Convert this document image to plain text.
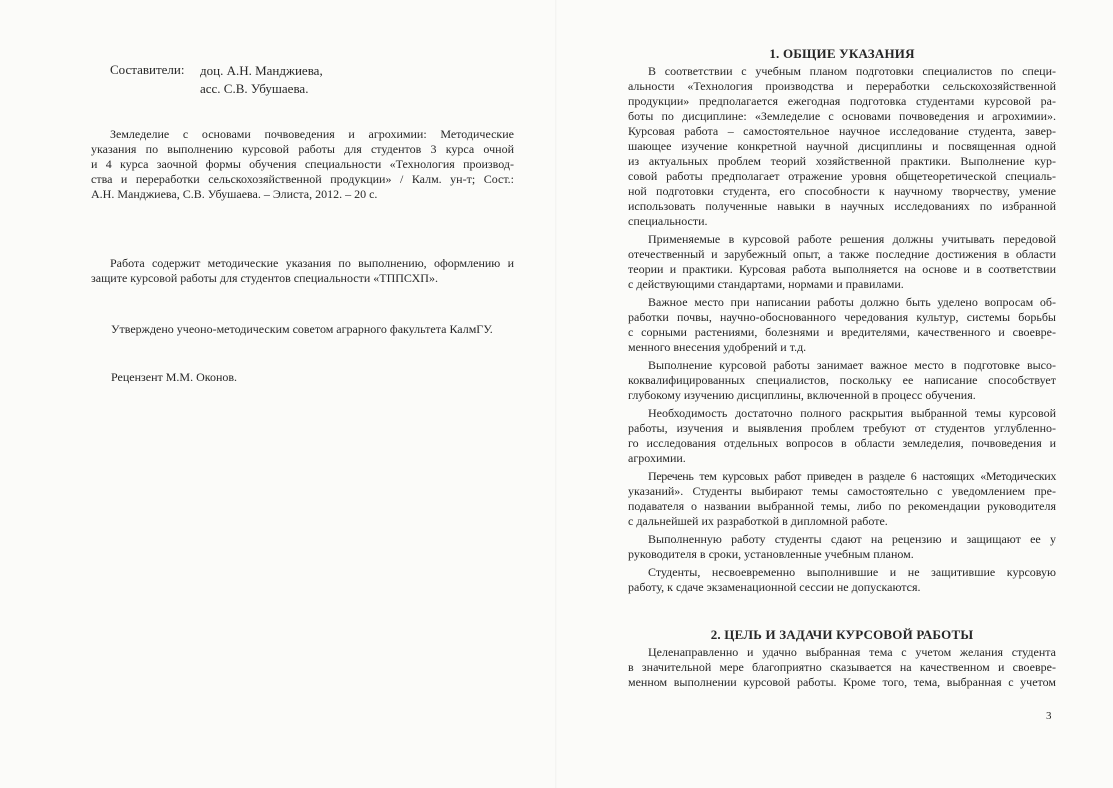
Составители: доц. А.Н. Манджиева,
асс. С.В. Убушаева.
Земледелие с основами почвоведения и агрохимии: Методические
указания по выполнению курсовой работы для студентов 3 курса очной
и 4 курса заочной формы обучения специальности «Технология производ-
ства и переработки сельскохозяйственной продукции» / Калм. ун-т; Сост.:
А.Н. Манджиева, С.В. Убушаева. – Элиста, 2012. – 20 с.
Работа содержит методические указания по выполнению, оформлению и
защите курсовой работы для студентов специальности «ТППСХП».
Утверждено учеоно-методическим советом аграрного факультета КалмГУ.
Рецензент М.М. Оконов.
1. ОБЩИЕ УКАЗАНИЯ
В соответствии с учебным планом подготовки специалистов по специ-
альности «Технология производства и переработки сельскохозяйственной
продукции» предполагается ежегодная подготовка студентами курсовой ра-
боты по дисциплине: «Земледелие с основами почвоведения и агрохимии».
Курсовая работа – самостоятельное научное исследование студента, завер-
шающее изучение конкретной научной дисциплины и посвященная одной
из актуальных проблем теорий хозяйственной практики. Выполнение кур-
совой работы предполагает отражение уровня общетеоретической специаль-
ной подготовки студента, его способности к научному творчеству, умение
использовать полученные навыки в научных исследованиях по избранной
специальности.
Применяемые в курсовой работе решения должны учитывать передовой
отечественный и зарубежный опыт, а также последние достижения в области
теории и практики. Курсовая работа выполняется на основе и в соответствии
с действующими стандартами, нормами и правилами.
Важное место при написании работы должно быть уделено вопросам об-
работки почвы, научно-обоснованного чередования культур, системы борьбы
с сорными растениями, болезнями и вредителями, качественного и своевре-
менного внесения удобрений и т.д.
Выполнение курсовой работы занимает важное место в подготовке высо-
коквалифицированных специалистов, поскольку ее написание способствует
глубокому изучению дисциплины, включенной в процесс обучения.
Необходимость достаточно полного раскрытия выбранной темы курсовой
работы, изучения и выявления проблем требуют от студентов углубленно-
го исследования отдельных вопросов в области земледелия, почвоведения и
агрохимии.
Перечень тем курсовых работ приведен в разделе 6 настоящих «Методических
указаний». Студенты выбирают темы самостоятельно с уведомлением пре-
подавателя о названии выбранной темы, либо по рекомендации руководителя
с дальнейшей их разработкой в дипломной работе.
Выполненную работу студенты сдают на рецензию и защищают ее у
руководителя в сроки, установленные учебным планом.
Студенты, несвоевременно выполнившие и не защитившие курсовую
работу, к сдаче экзаменационной сессии не допускаются.
2. ЦЕЛЬ И ЗАДАЧИ КУРСОВОЙ РАБОТЫ
Целенаправленно и удачно выбранная тема с учетом желания студента
в значительной мере благоприятно сказывается на качественном и своевре-
менном выполнении курсовой работы. Кроме того, тема, выбранная с учетом
3
